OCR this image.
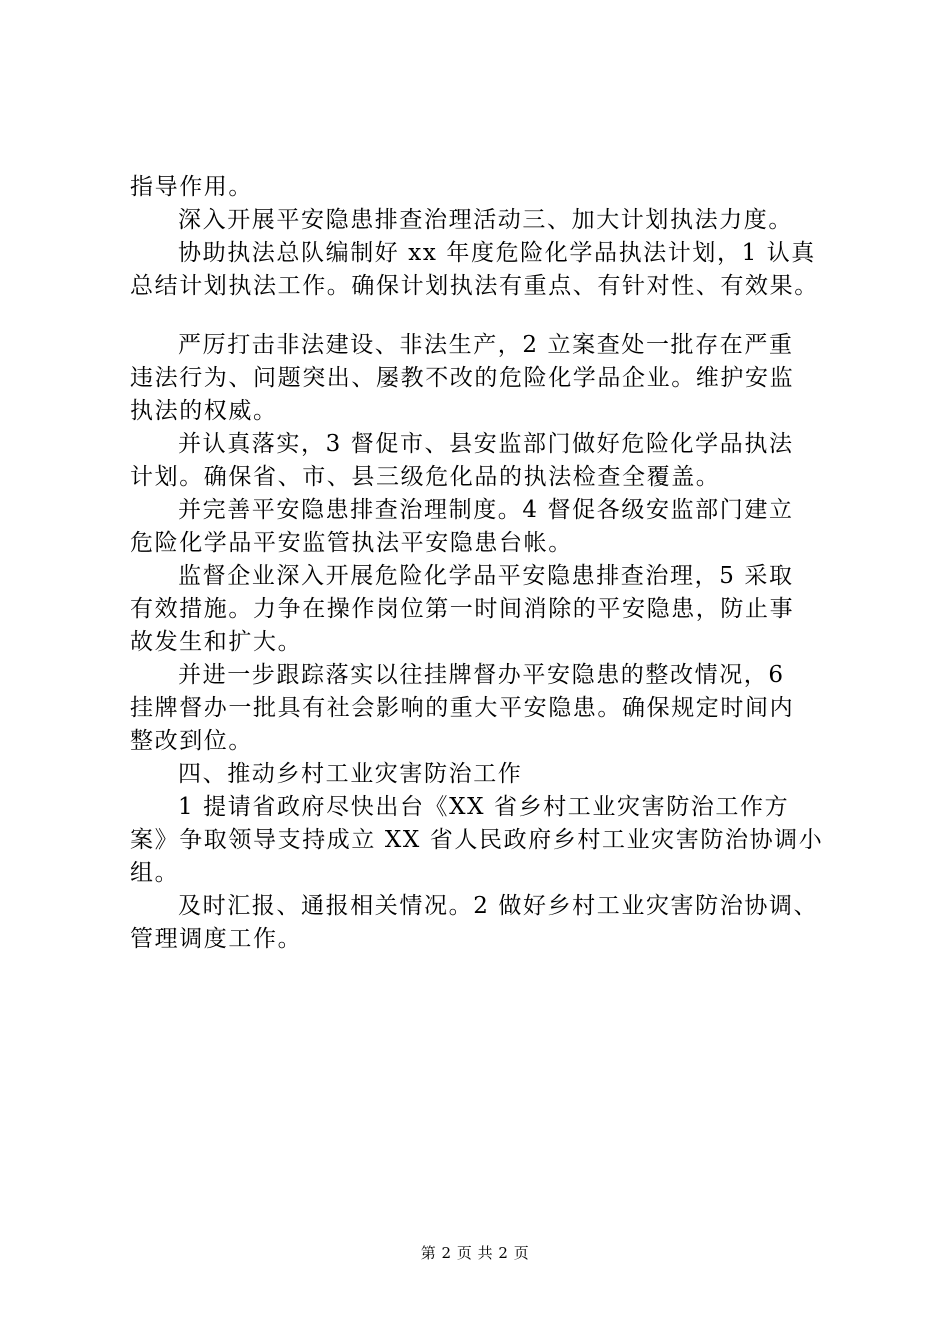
指导作用。
深入开展平安隐患排查治理活动三、加大计划执法力度。
协助执法总队编制好 xx 年度危险化学品执法计划，1 认真
总结计划执法工作。确保计划执法有重点、有针对性、有效果。
严厉打击非法建设、非法生产，2 立案查处一批存在严重
违法行为、问题突出、屡教不改的危险化学品企业。维护安监
执法的权威。
并认真落实，3 督促市、县安监部门做好危险化学品执法
计划。确保省、市、县三级危化品的执法检查全覆盖。
并完善平安隐患排查治理制度。4 督促各级安监部门建立
危险化学品平安监管执法平安隐患台帐。
监督企业深入开展危险化学品平安隐患排查治理，5 采取
有效措施。力争在操作岗位第一时间消除的平安隐患，防止事
故发生和扩大。
并进一步跟踪落实以往挂牌督办平安隐患的整改情况，6
挂牌督办一批具有社会影响的重大平安隐患。确保规定时间内
整改到位。
四、推动乡村工业灾害防治工作
1 提请省政府尽快出台《XX 省乡村工业灾害防治工作方
案》争取领导支持成立 XX 省人民政府乡村工业灾害防治协调小
组。
及时汇报、通报相关情况。2 做好乡村工业灾害防治协调、
管理调度工作。
第 2 页 共 2 页
